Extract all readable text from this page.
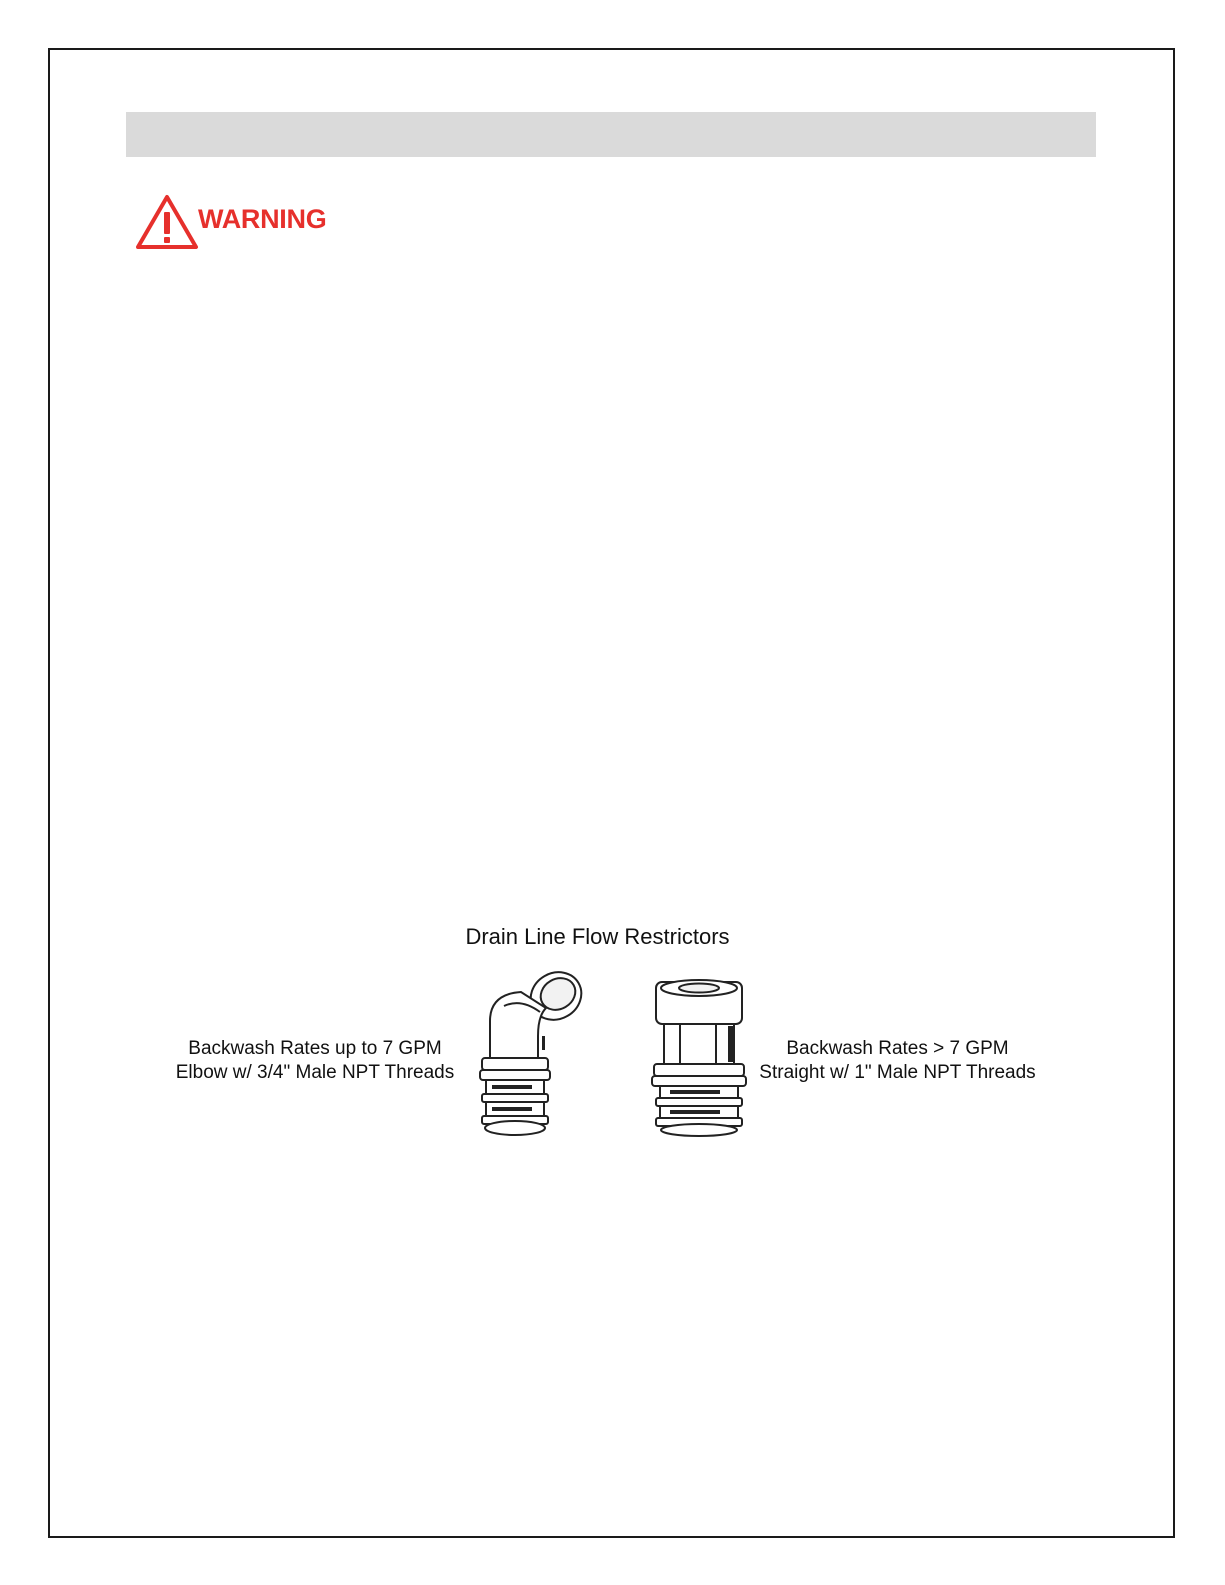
WARNING
Drain Line Flow Restrictors
Backwash Rates up to 7 GPM
Elbow w/ 3/4" Male NPT Threads
Backwash Rates > 7 GPM
Straight w/ 1" Male NPT Threads
